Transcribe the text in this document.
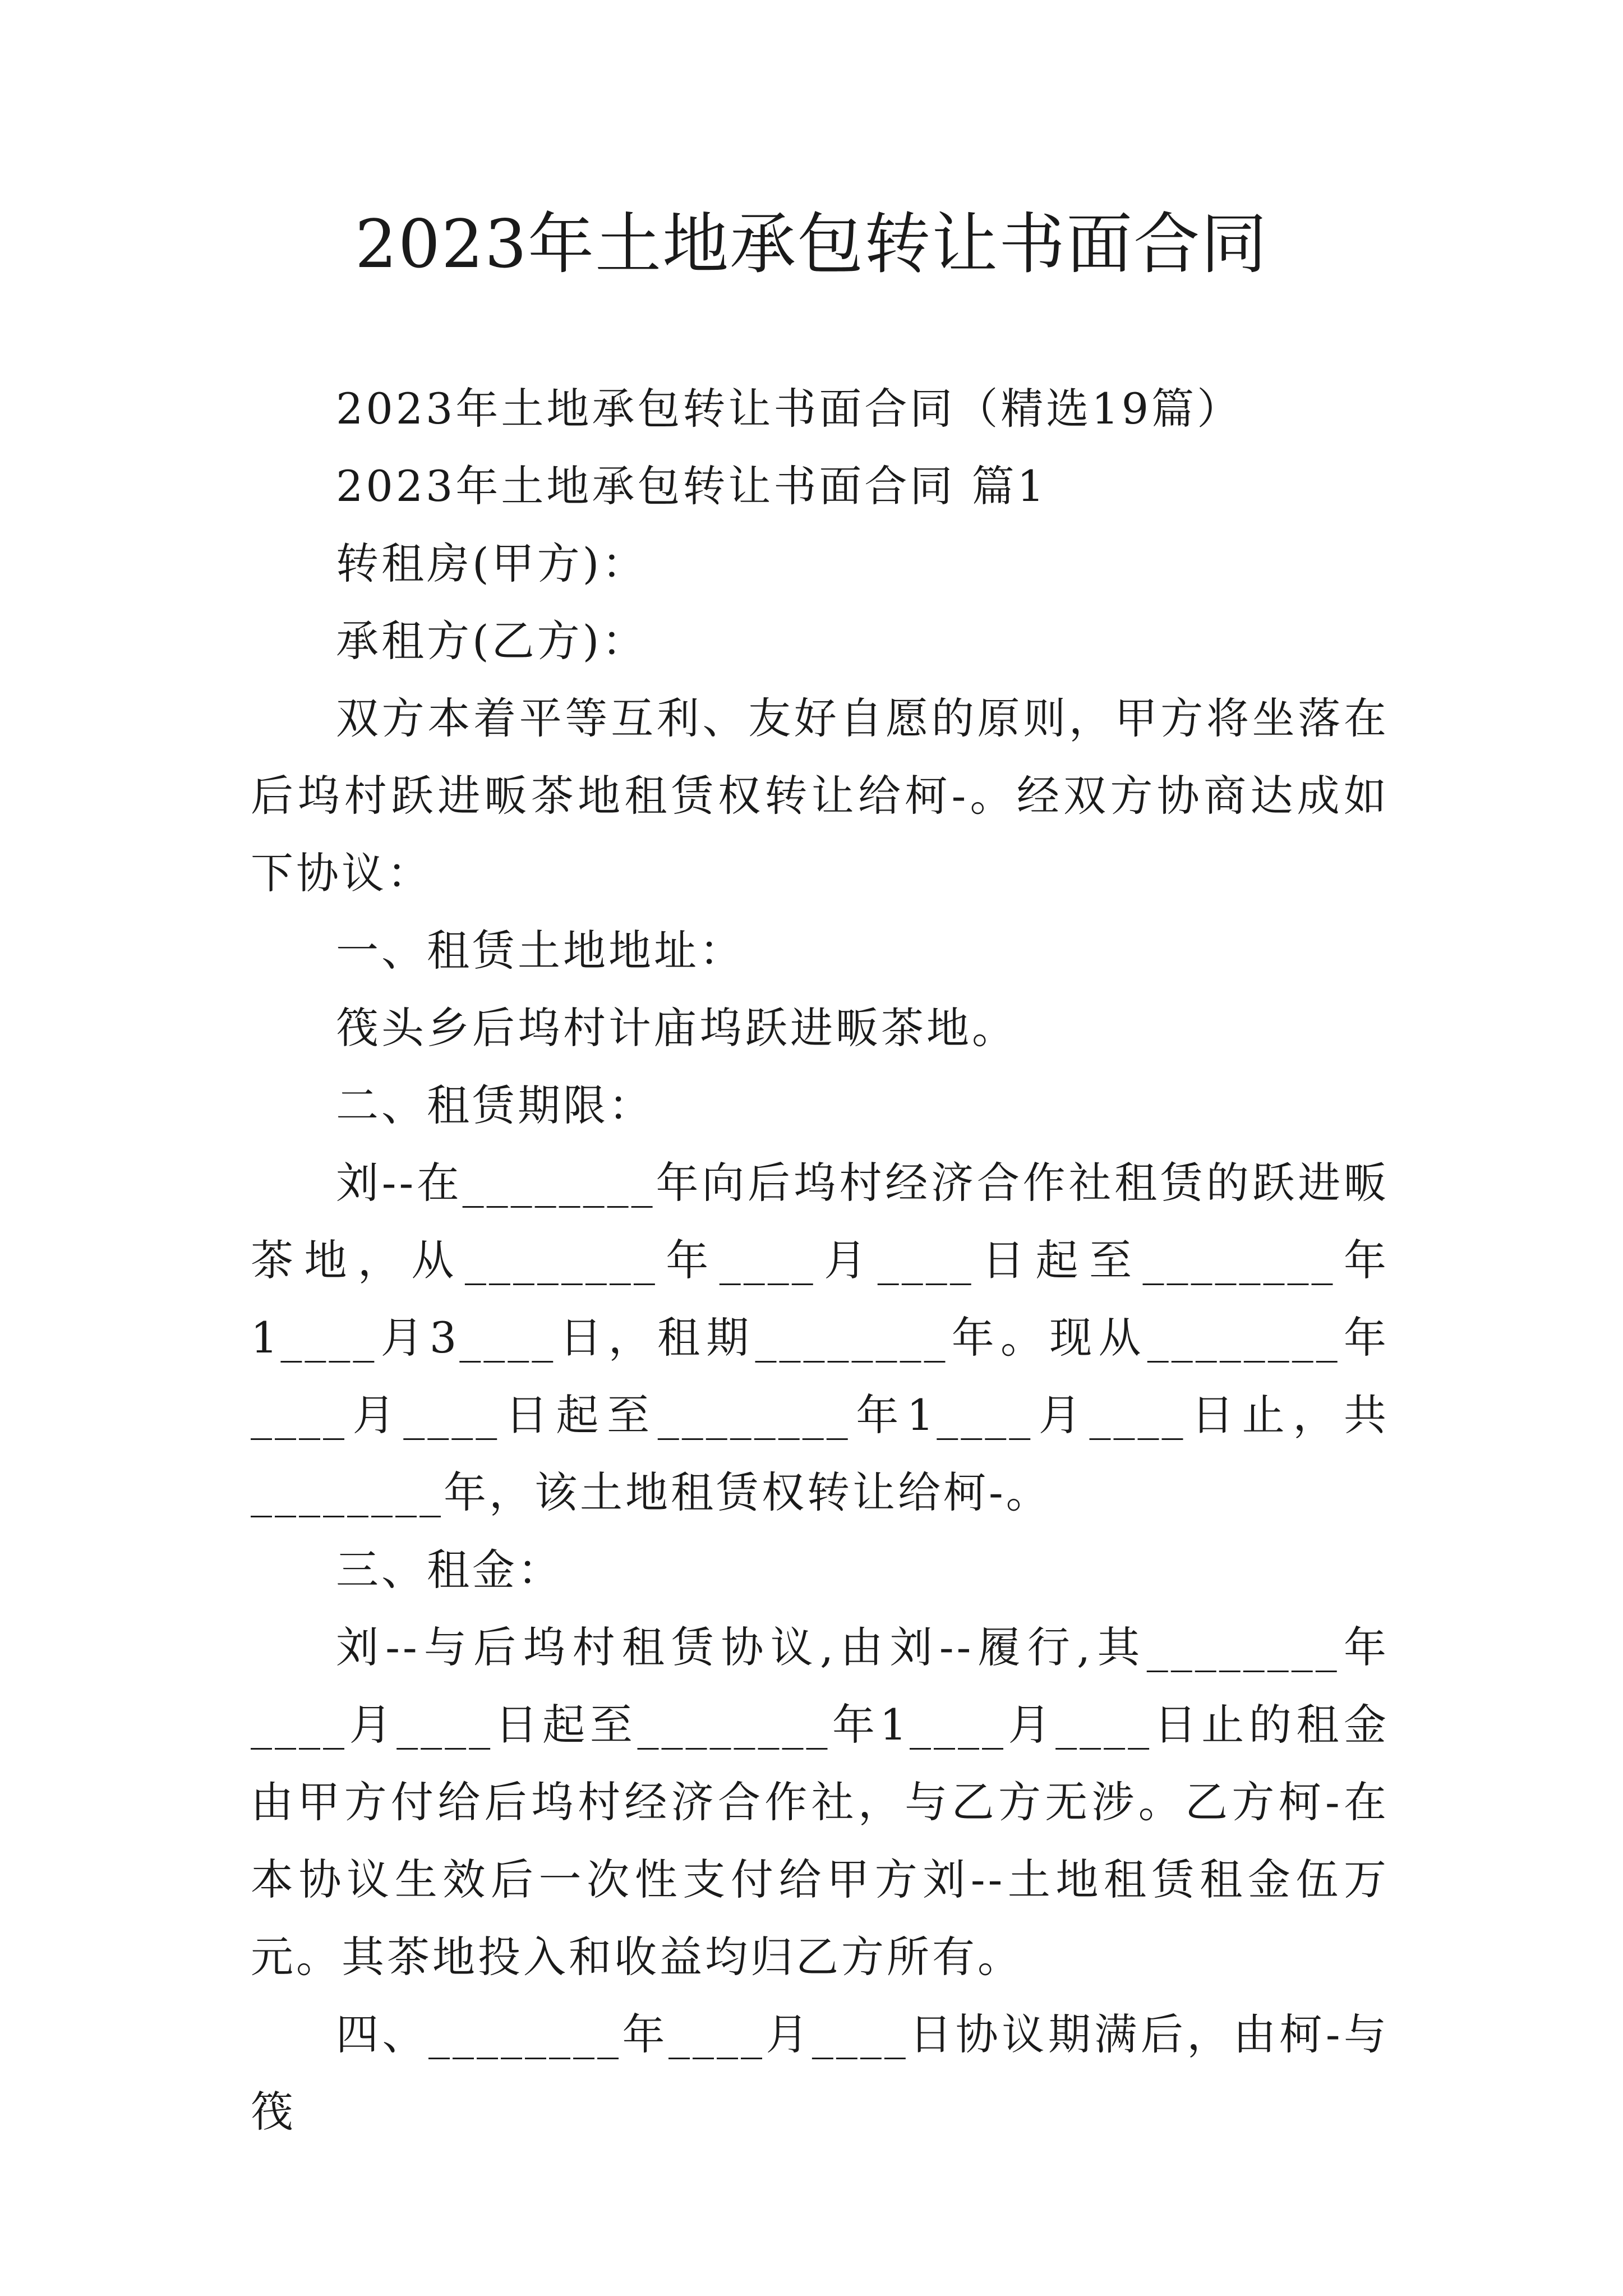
2023年土地承包转让书面合同

2023年土地承包转让书面合同（精选19篇）

2023年土地承包转让书面合同 篇1

转租房(甲方)：

承租方(乙方)：

双方本着平等互利、友好自愿的原则，甲方将坐落在后坞村跃进畈茶地租赁权转让给柯-。经双方协商达成如下协议：

一、租赁土地地址：

筏头乡后坞村计庙坞跃进畈茶地。

二、租赁期限：

刘--在________年向后坞村经济合作社租赁的跃进畈茶地，从________年____月____日起至________年1____月3____日，租期________年。现从________年____月____日起至________年1____月____日止，共________年，该土地租赁权转让给柯-。

三、租金：

刘--与后坞村租赁协议,由刘--履行,其________年____月____日起至________年1____月____日止的租金由甲方付给后坞村经济合作社，与乙方无涉。乙方柯-在本协议生效后一次性支付给甲方刘--土地租赁租金伍万元。其茶地投入和收益均归乙方所有。

四、________年____月____日协议期满后，由柯-与筏
